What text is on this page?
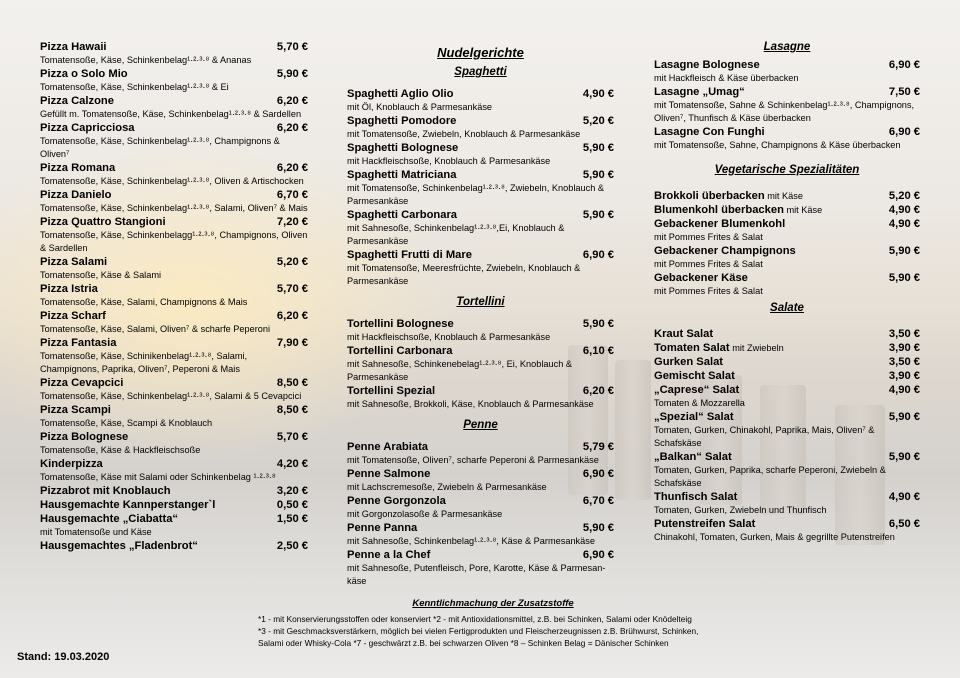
Pizza Hawaii	5,70 €
Tomatensoße, Käse, Schinkenbelag¹·²·³·⁸ & Ananas
Pizza o Solo Mio	5,90 €
Tomatensoße, Käse, Schinkenbelag¹·²·³·⁸ & Ei
Pizza Calzone	6,20 €
Gefüllt m. Tomatensoße, Käse, Schinkenbelag¹·²·³·⁸ & Sardellen
Pizza Capricciosa	6,20 €
Tomatensoße, Käse, Schinkenbelag¹·²·³·⁸, Champignons & Oliven⁷
Pizza Romana	6,20 €
Tomatensoße, Käse, Schinkenbelag¹·²·³·⁸, Oliven & Artischocken
Pizza Danielo	6,70 €
Tomatensoße, Käse, Schinkenbelag¹·²·³·⁸, Salami, Oliven⁷ & Mais
Pizza Quattro Stangioni	7,20 €
Tomatensoße, Käse, Schinkenbelagg¹·²·³·⁸, Champignons, Oliven & Sardellen
Pizza Salami	5,20 €
Tomatensoße, Käse & Salami
Pizza Istria	5,70 €
Tomatensoße, Käse, Salami, Champignons & Mais
Pizza Scharf	6,20 €
Tomatensoße, Käse, Salami, Oliven⁷ & scharfe Peperoni
Pizza Fantasia	7,90 €
Tomatensoße, Käse, Schinikenbelag¹·²·³·⁸, Salami, Champignons, Paprika, Oliven⁷, Peperoni & Mais
Pizza Cevapcici	8,50 €
Tomatensoße, Käse, Schinkenbelag¹·²·³·⁸, Salami & 5 Cevapcici
Pizza Scampi	8,50 €
Tomatensoße, Käse, Scampi & Knoblauch
Pizza Bolognese	5,70 €
Tomatensoße, Käse & Hackfleischsoße
Kinderpizza	4,20 €
Tomatensoße, Käse mit Salami oder Schinkenbelag ¹·²·³·⁸
Pizzabrot mit Knoblauch	3,20 €
Hausgemachte Kannperstanger`l	0,50 €
Hausgemachte „Ciabatta“	1,50 €
mit Tomatensoße und Käse
Hausgemachtes „Fladenbrot“	2,50 €
Nudelgerichte
Spaghetti
Spaghetti Aglio Olio	4,90 €
mit Öl, Knoblauch & Parmesankäse
Spaghetti Pomodore	5,20 €
mit Tomatensoße, Zwiebeln, Knoblauch & Parmesankäse
Spaghetti Bolognese	5,90 €
mit Hackfleischsoße, Knoblauch & Parmesankäse
Spaghetti Matriciana	5,90 €
mit Tomatensoße, Schinkenbelag¹·²·³·⁸, Zwiebeln, Knoblauch & Parmesankäse
Spaghetti Carbonara	5,90 €
mit Sahnesoße, Schinkenbelag¹·²·³·⁸,Ei, Knoblauch & Parmesankäse
Spaghetti Frutti di Mare	6,90 €
mit Tomatensoße, Meeresfrüchte, Zwiebeln, Knoblauch & Parmesankäse
Tortellini
Tortellini Bolognese	5,90 €
mit Hackfleischsoße, Knoblauch & Parmesankäse
Tortellini Carbonara	6,10 €
mit Sahnesoße, Schinkenebelag¹·²·³·⁸, Ei, Knoblauch & Parmesankäse
Tortellini Spezial	6,20 €
mit Sahnesoße, Brokkoli, Käse, Knoblauch & Parmesankäse
Penne
Penne Arabiata	5,79 €
mit Tomatensoße, Oliven⁷, scharfe Peperoni & Parmesankäse
Penne Salmone	6,90 €
mit Lachscremesoße, Zwiebeln & Parmesankäse
Penne Gorgonzola	6,70 €
mit Gorgonzolasoße & Parmesankäse
Penne Panna	5,90 €
mit Sahnesoße, Schinkenbelag¹·²·³·⁸, Käse & Parmesankäse
Penne a la Chef	6,90 €
mit Sahnesoße, Putenfleisch, Pore, Karotte, Käse & Parmesan-käse
Lasagne
Lasagne Bolognese	6,90 €
mit Hackfleisch & Käse überbacken
Lasagne „Umag“	7,50 €
mit Tomatensoße, Sahne & Schinkenbelag¹·²·³·⁸, Champignons, Oliven⁷, Thunfisch & Käse überbacken
Lasagne Con Funghi	6,90 €
mit Tomatensoße, Sahne, Champignons & Käse überbacken
Vegetarische Spezialitäten
Brokkoli überbacken mit Käse	5,20 €
Blumenkohl überbacken mit Käse	4,90 €
Gebackener Blumenkohl	4,90 €
mit Pommes Frites & Salat
Gebackener Champignons	5,90 €
mit Pommes Frites & Salat
Gebackener Käse	5,90 €
mit Pommes Frites & Salat
Salate
Kraut Salat	3,50 €
Tomaten Salat mit Zwiebeln	3,90 €
Gurken Salat	3,50 €
Gemischt Salat	3,90 €
„Caprese“ Salat	4,90 €
Tomaten & Mozzarella
„Spezial“ Salat	5,90 €
Tomaten, Gurken, Chinakohl, Paprika, Mais, Oliven⁷ & Schafskäse
„Balkan“ Salat	5,90 €
Tomaten, Gurken, Paprika, scharfe Peperoni, Zwiebeln & Schafskäse
Thunfisch Salat	4,90 €
Tomaten, Gurken, Zwiebeln und Thunfisch
Putenstreifen Salat	6,50 €
Chinakohl, Tomaten, Gurken, Mais & gegrillte Putenstreifen
Kenntlichmachung der Zusatzstoffe
*1 - mit Konservierungsstoffen oder konserviert *2 - mit Antioxidationsmittel, z.B. bei Schinken, Salami oder Knödelteig
*3 - mit Geschmacksverstärkern, möglich bei vielen Fertigprodukten und Fleischerzeugnissen z.B. Brühwurst, Schinken,
Salami oder Whisky-Cola *7 - geschwärzt z.B. bei schwarzen Oliven *8 – Schinken Belag = Dänischer Schinken
Stand: 19.03.2020
